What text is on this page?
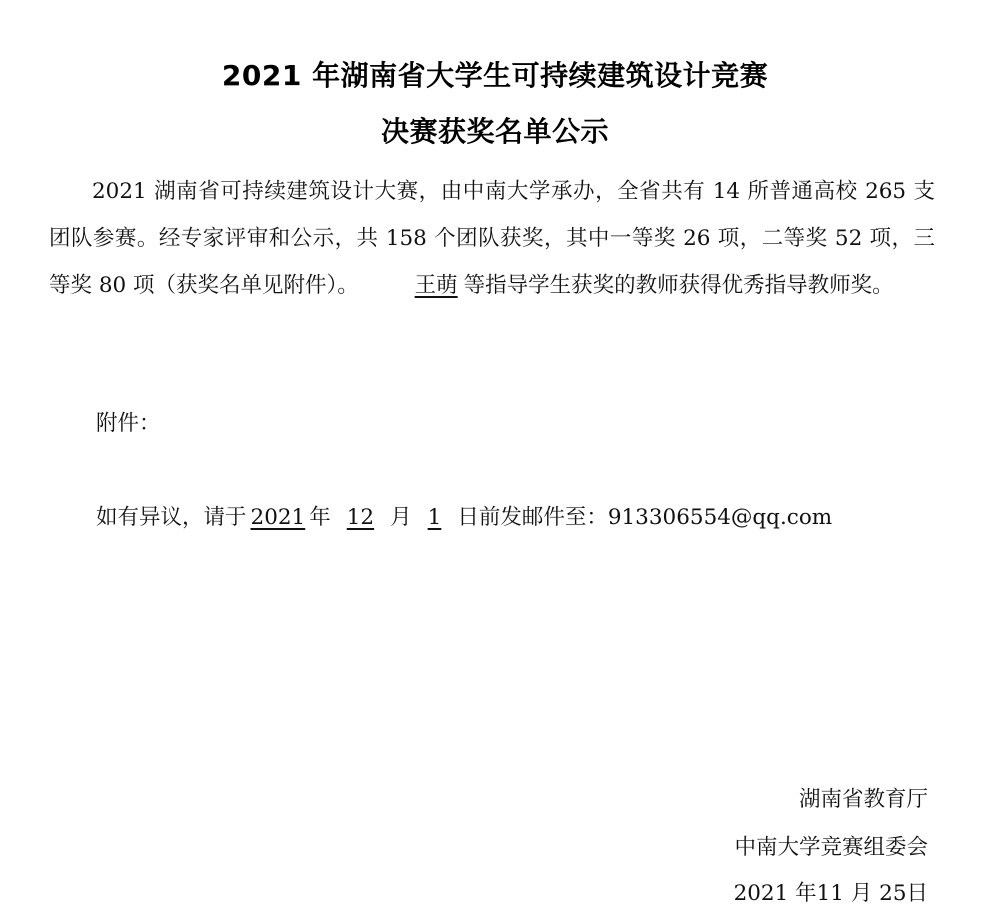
2021 年湖南省大学生可持续建筑设计竞赛
决赛获奖名单公示
2021 湖南省可持续建筑设计大赛，由中南大学承办，全省共有 14 所普通高校 265 支团队参赛。经专家评审和公示，共 158 个团队获奖，其中一等奖 26 项，二等奖 52 项，三等奖 80 项（获奖名单见附件）。	王萌 等指导学生获奖的教师获得优秀指导教师奖。
附件：
如有异议，请于 2021 年 12 月 1 日前发邮件至：913306554@qq.com
湖南省教育厅
中南大学竞赛组委会
2021 年11 月 25日
